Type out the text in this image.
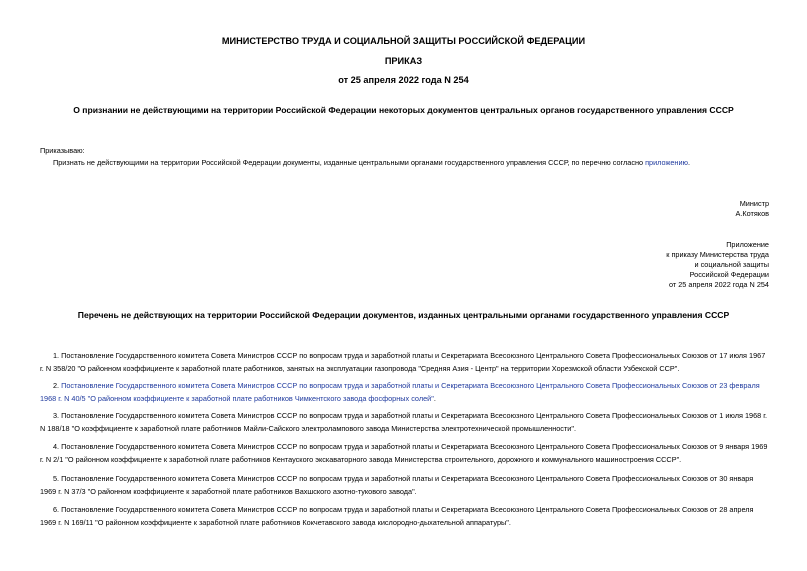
МИНИСТЕРСТВО ТРУДА И СОЦИАЛЬНОЙ ЗАЩИТЫ РОССИЙСКОЙ ФЕДЕРАЦИИ
ПРИКАЗ
от 25 апреля 2022 года N 254
О признании не действующими на территории Российской Федерации некоторых документов центральных органов государственного управления СССР
Приказываю:
Признать не действующими на территории Российской Федерации документы, изданные центральными органами государственного управления СССР, по перечню согласно приложению.
Министр
А.Котяков
Приложение
к приказу Министерства труда
и социальной защиты
Российской Федерации
от 25 апреля 2022 года N 254
Перечень не действующих на территории Российской Федерации документов, изданных центральными органами государственного управления СССР

1. Постановление Государственного комитета Совета Министров СССР по вопросам труда и заработной платы и Секретариата Всесоюзного Центрального Совета Профессиональных Союзов от 17 июля 1967

г. N 358/20 "О районном коэффициенте к заработной плате работников, занятых на эксплуатации газопровода "Средняя Азия - Центр" на территории Хорезмской области Узбекской ССР".

2. Постановление Государственного комитета Совета Министров СССР по вопросам труда и заработной платы и Секретариата Всесоюзного Центрального Совета Профессиональных Союзов от 23 февраля

1968 г. N 40/5 "О районном коэффициенте к заработной плате работников Чимкентского завода фосфорных солей".

3. Постановление Государственного комитета Совета Министров СССР по вопросам труда и заработной платы и Секретариата Всесоюзного Центрального Совета Профессиональных Союзов от 1 июля 1968 г.

N 188/18 "О коэффициенте к заработной плате работников Майли-Сайского электролампового завода Министерства электротехнической промышленности".

4. Постановление Государственного комитета Совета Министров СССР по вопросам труда и заработной платы и Секретариата Всесоюзного Центрального Совета Профессиональных Союзов от 9 января 1969

г. N 2/1 "О районном коэффициенте к заработной плате работников Кентауского экскаваторного завода Министерства строительного, дорожного и коммунального машиностроения СССР".

5. Постановление Государственного комитета Совета Министров СССР по вопросам труда и заработной платы и Секретариата Всесоюзного Центрального Совета Профессиональных Союзов от 30 января

1969 г. N 37/3 "О районном коэффициенте к заработной плате работников Вахшского азотно-тукового завода".

6. Постановление Государственного комитета Совета Министров СССР по вопросам труда и заработной платы и Секретариата Всесоюзного Центрального Совета Профессиональных Союзов от 28 апреля

1969 г. N 169/11 "О районном коэффициенте к заработной плате работников Кокчетавского завода кислородно-дыхательной аппаратуры".
